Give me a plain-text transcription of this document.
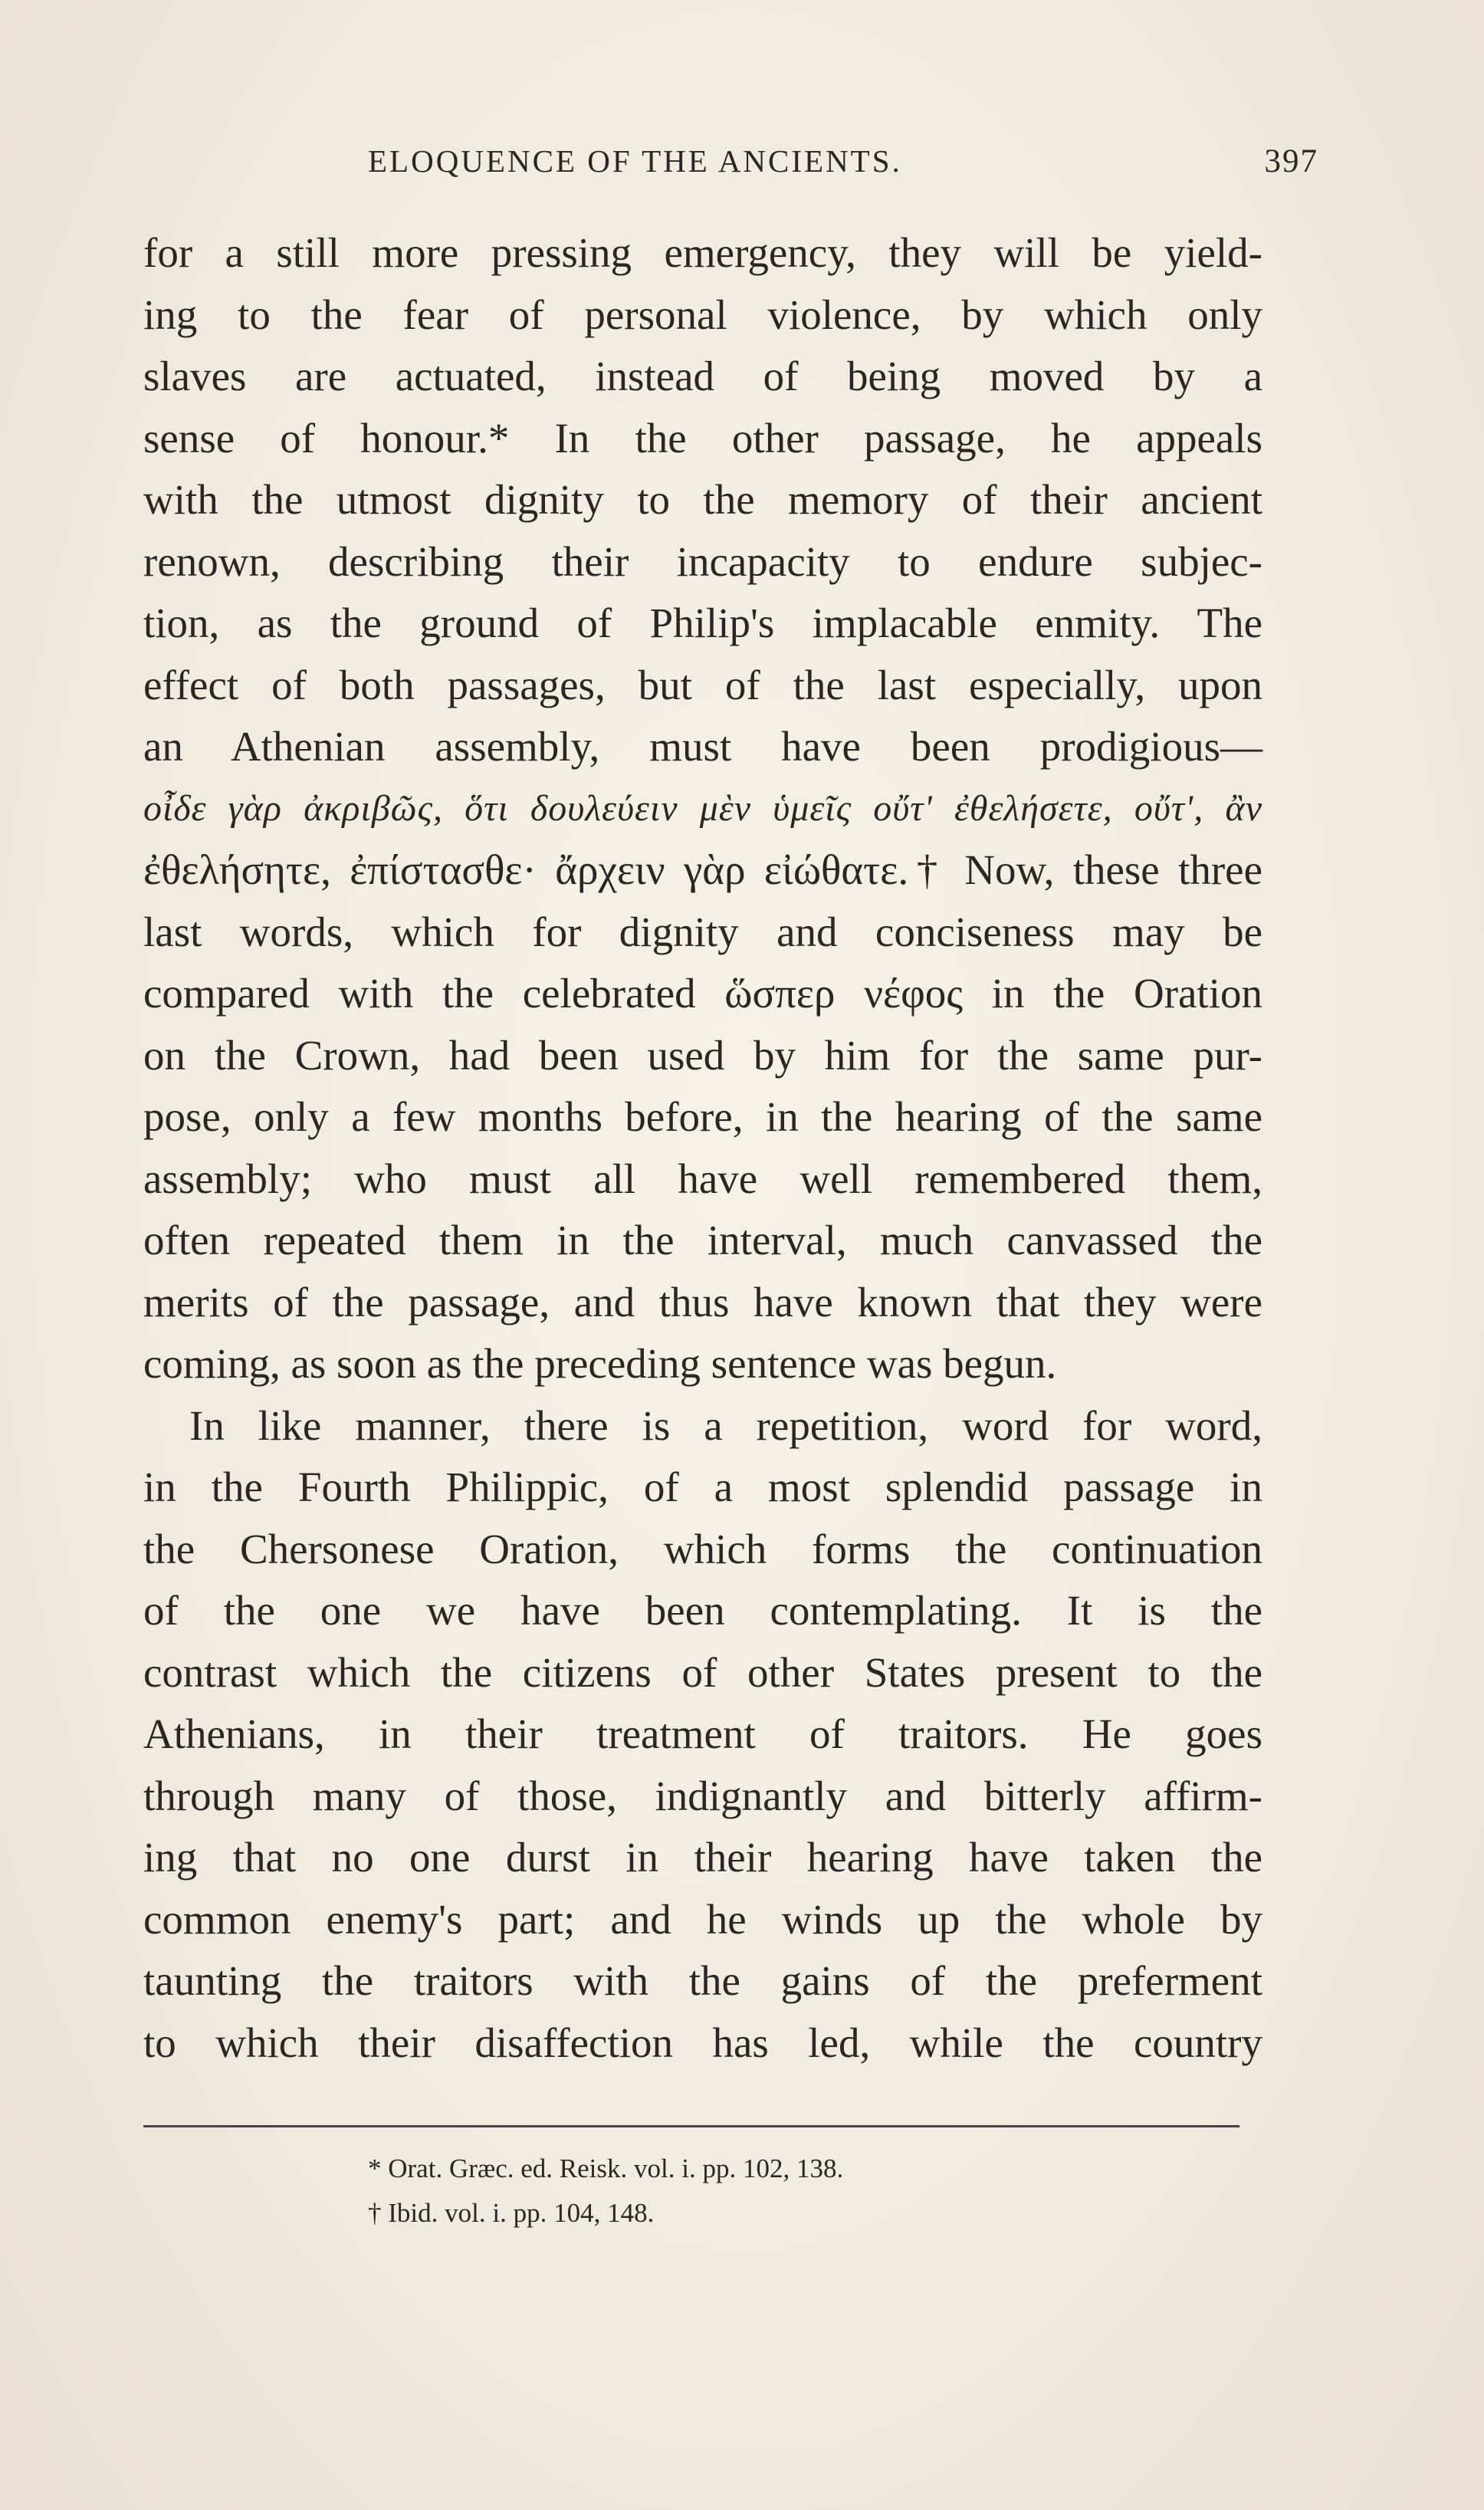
ELOQUENCE OF THE ANCIENTS.	397
for a still more pressing emergency, they will be yield-
ing to the fear of personal violence, by which only
slaves are actuated, instead of being moved by a
sense of honour.* In the other passage, he appeals
with the utmost dignity to the memory of their ancient
renown, describing their incapacity to endure subjec-
tion, as the ground of Philip's implacable enmity. The
effect of both passages, but of the last especially, upon
an Athenian assembly, must have been prodigious—
οἶδε γὰρ ἀκριβῶς, ὅτι δουλεύειν μὲν ὑμεῖς οὔτ' ἐθελήσετε, οὔτ', ἂν
ἐθελήσητε, ἐπίστασθε· ἄρχειν γὰρ εἰώθατε.† Now, these three
last words, which for dignity and conciseness may be
compared with the celebrated ὥσπερ νέφος in the Oration
on the Crown, had been used by him for the same pur-
pose, only a few months before, in the hearing of the same
assembly; who must all have well remembered them,
often repeated them in the interval, much canvassed the
merits of the passage, and thus have known that they were
coming, as soon as the preceding sentence was begun.
In like manner, there is a repetition, word for word,
in the Fourth Philippic, of a most splendid passage in
the Chersonese Oration, which forms the continuation
of the one we have been contemplating. It is the
contrast which the citizens of other States present to the
Athenians, in their treatment of traitors. He goes
through many of those, indignantly and bitterly affirm-
ing that no one durst in their hearing have taken the
common enemy's part; and he winds up the whole by
taunting the traitors with the gains of the preferment
to which their disaffection has led, while the country
* Orat. Græc. ed. Reisk. vol. i. pp. 102, 138.
† Ibid. vol. i. pp. 104, 148.
